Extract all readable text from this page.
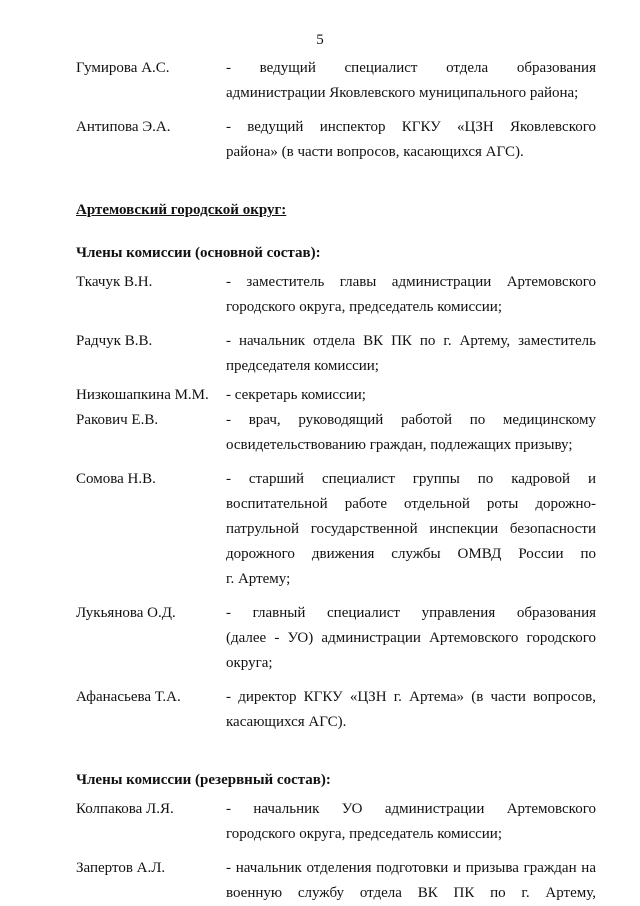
5
Гумирова А.С.	- ведущий специалист отдела образования
администрации Яковлевского муниципального района;
Антипова Э.А.	- ведущий инспектор КГКУ «ЦЗН Яковлевского
района» (в части вопросов, касающихся АГС).
Артемовский городской округ:
Члены комиссии (основной состав):
Ткачук В.Н.	- заместитель главы администрации Артемовского
городского округа, председатель комиссии;
Радчук В.В.	- начальник отдела ВК ПК по г. Артему, заместитель
председателя комиссии;
Низкошапкина М.М.	- секретарь комиссии;
Ракович Е.В.	- врач, руководящий работой по медицинскому
освидетельствованию граждан, подлежащих призыву;
Сомова Н.В.	- старший специалист группы по кадровой и
воспитательной работе отдельной роты дорожно-
патрульной государственной инспекции безопасности
дорожного движения службы ОМВД России по
г. Артему;
Лукьянова О.Д.	- главный специалист управления образования
(далее - УО) администрации Артемовского городского
округа;
Афанасьева Т.А.	- директор КГКУ «ЦЗН г. Артема» (в части вопросов,
касающихся АГС).
Члены комиссии (резервный состав):
Колпакова Л.Я.	- начальник УО администрации Артемовского
городского округа, председатель комиссии;
Запертов А.Л.	- начальник отделения подготовки и призыва граждан на
военную службу отдела ВК ПК по г. Артему,
